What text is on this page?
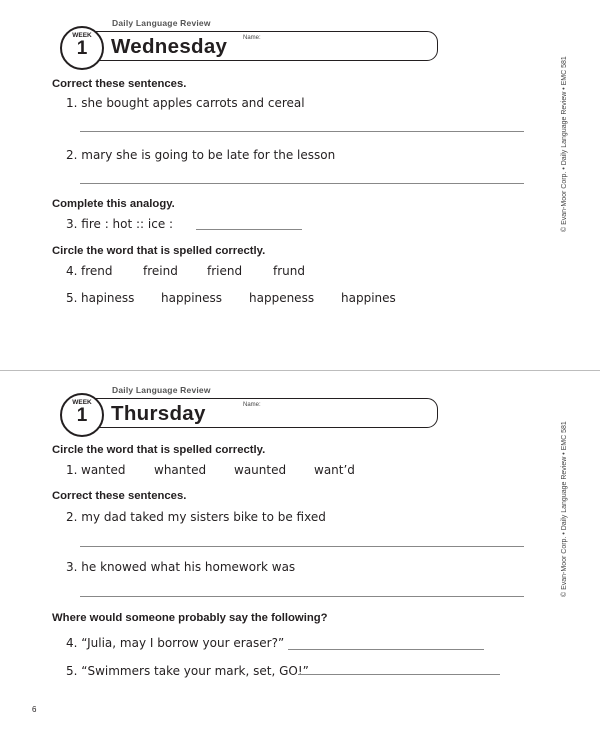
Daily Language Review
WEEK
1	Wednesday	Name:
Correct these sentences.
1. she bought apples carrots and cereal
2. mary she is going to be late for the lesson
Complete this analogy.
3. fire : hot :: ice :
Circle the word that is spelled correctly.
4. frend	freind friend	frund
5. hapiness happiness happeness happines
© Evan-Moor Corp. • Daily Language Review • EMC 581
Daily Language Review
WEEK
1	Thursday	Name:
Circle the word that is spelled correctly.
1. wanted whanted waunted want’d
Correct these sentences.
2. my dad taked my sisters bike to be fixed
3. he knowed what his homework was
Where would someone probably say the following?
4. “Julia, may I borrow your eraser?”
5. “Swimmers take your mark, set, GO!”
© Evan-Moor Corp. • Daily Language Review • EMC 581
6
